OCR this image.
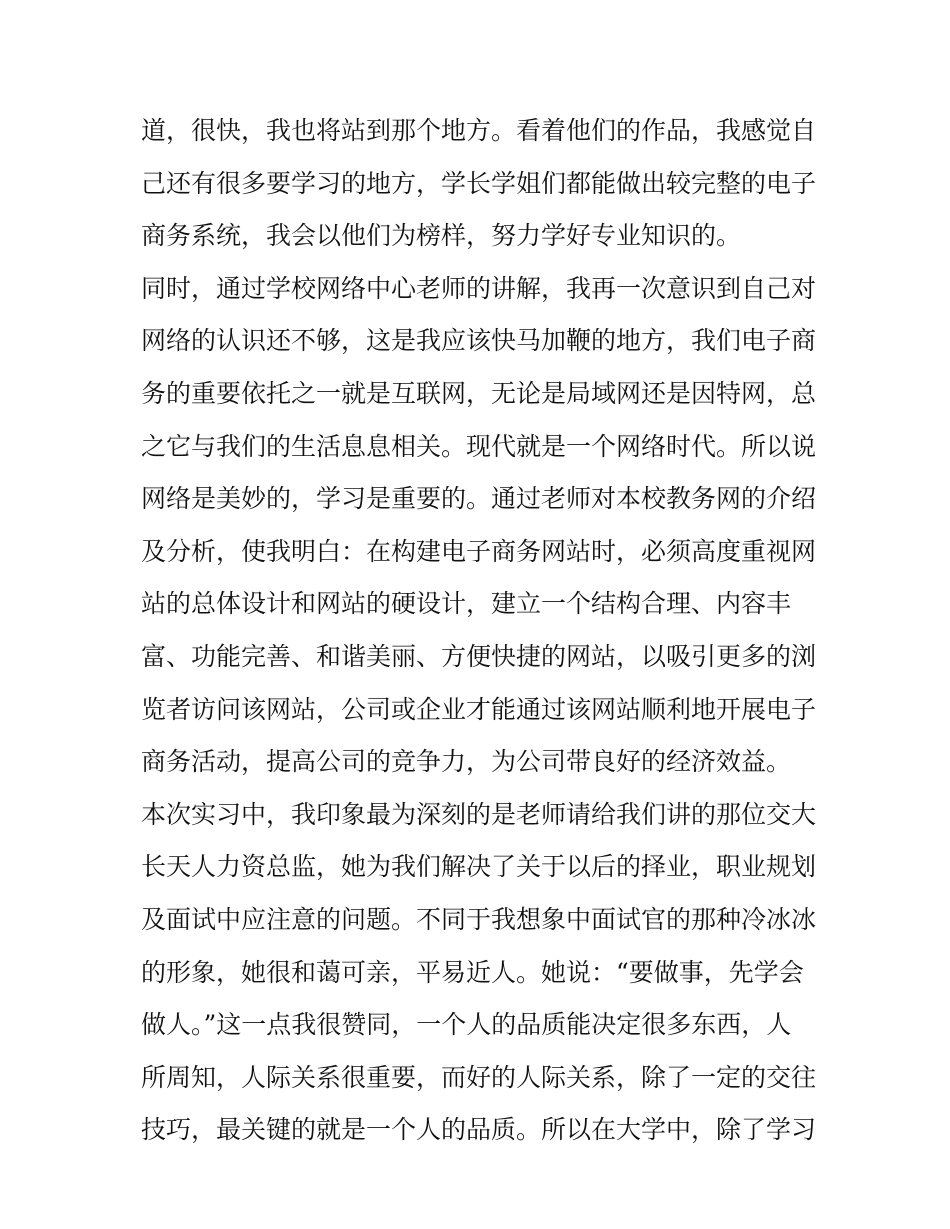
道，很快，我也将站到那个地方。看着他们的作品，我感觉自
己还有很多要学习的地方，学长学姐们都能做出较完整的电子
商务系统，我会以他们为榜样，努力学好专业知识的。
同时，通过学校网络中心老师的讲解，我再一次意识到自己对
网络的认识还不够，这是我应该快马加鞭的地方，我们电子商
务的重要依托之一就是互联网，无论是局域网还是因特网，总
之它与我们的生活息息相关。现代就是一个网络时代。所以说
网络是美妙的，学习是重要的。通过老师对本校教务网的介绍
及分析，使我明白：在构建电子商务网站时，必须高度重视网
站的总体设计和网站的硬设计，建立一个结构合理、内容丰
富、功能完善、和谐美丽、方便快捷的网站，以吸引更多的浏
览者访问该网站，公司或企业才能通过该网站顺利地开展电子
商务活动，提高公司的竞争力，为公司带良好的经济效益。
本次实习中，我印象最为深刻的是老师请给我们讲的那位交大
长天人力资总监，她为我们解决了关于以后的择业，职业规划
及面试中应注意的问题。不同于我想象中面试官的那种冷冰冰
的形象，她很和蔼可亲，平易近人。她说：“要做事，先学会
做人。”这一点我很赞同，一个人的品质能决定很多东西，人
所周知，人际关系很重要，而好的人际关系，除了一定的交往
技巧，最关键的就是一个人的品质。所以在大学中，除了学习
